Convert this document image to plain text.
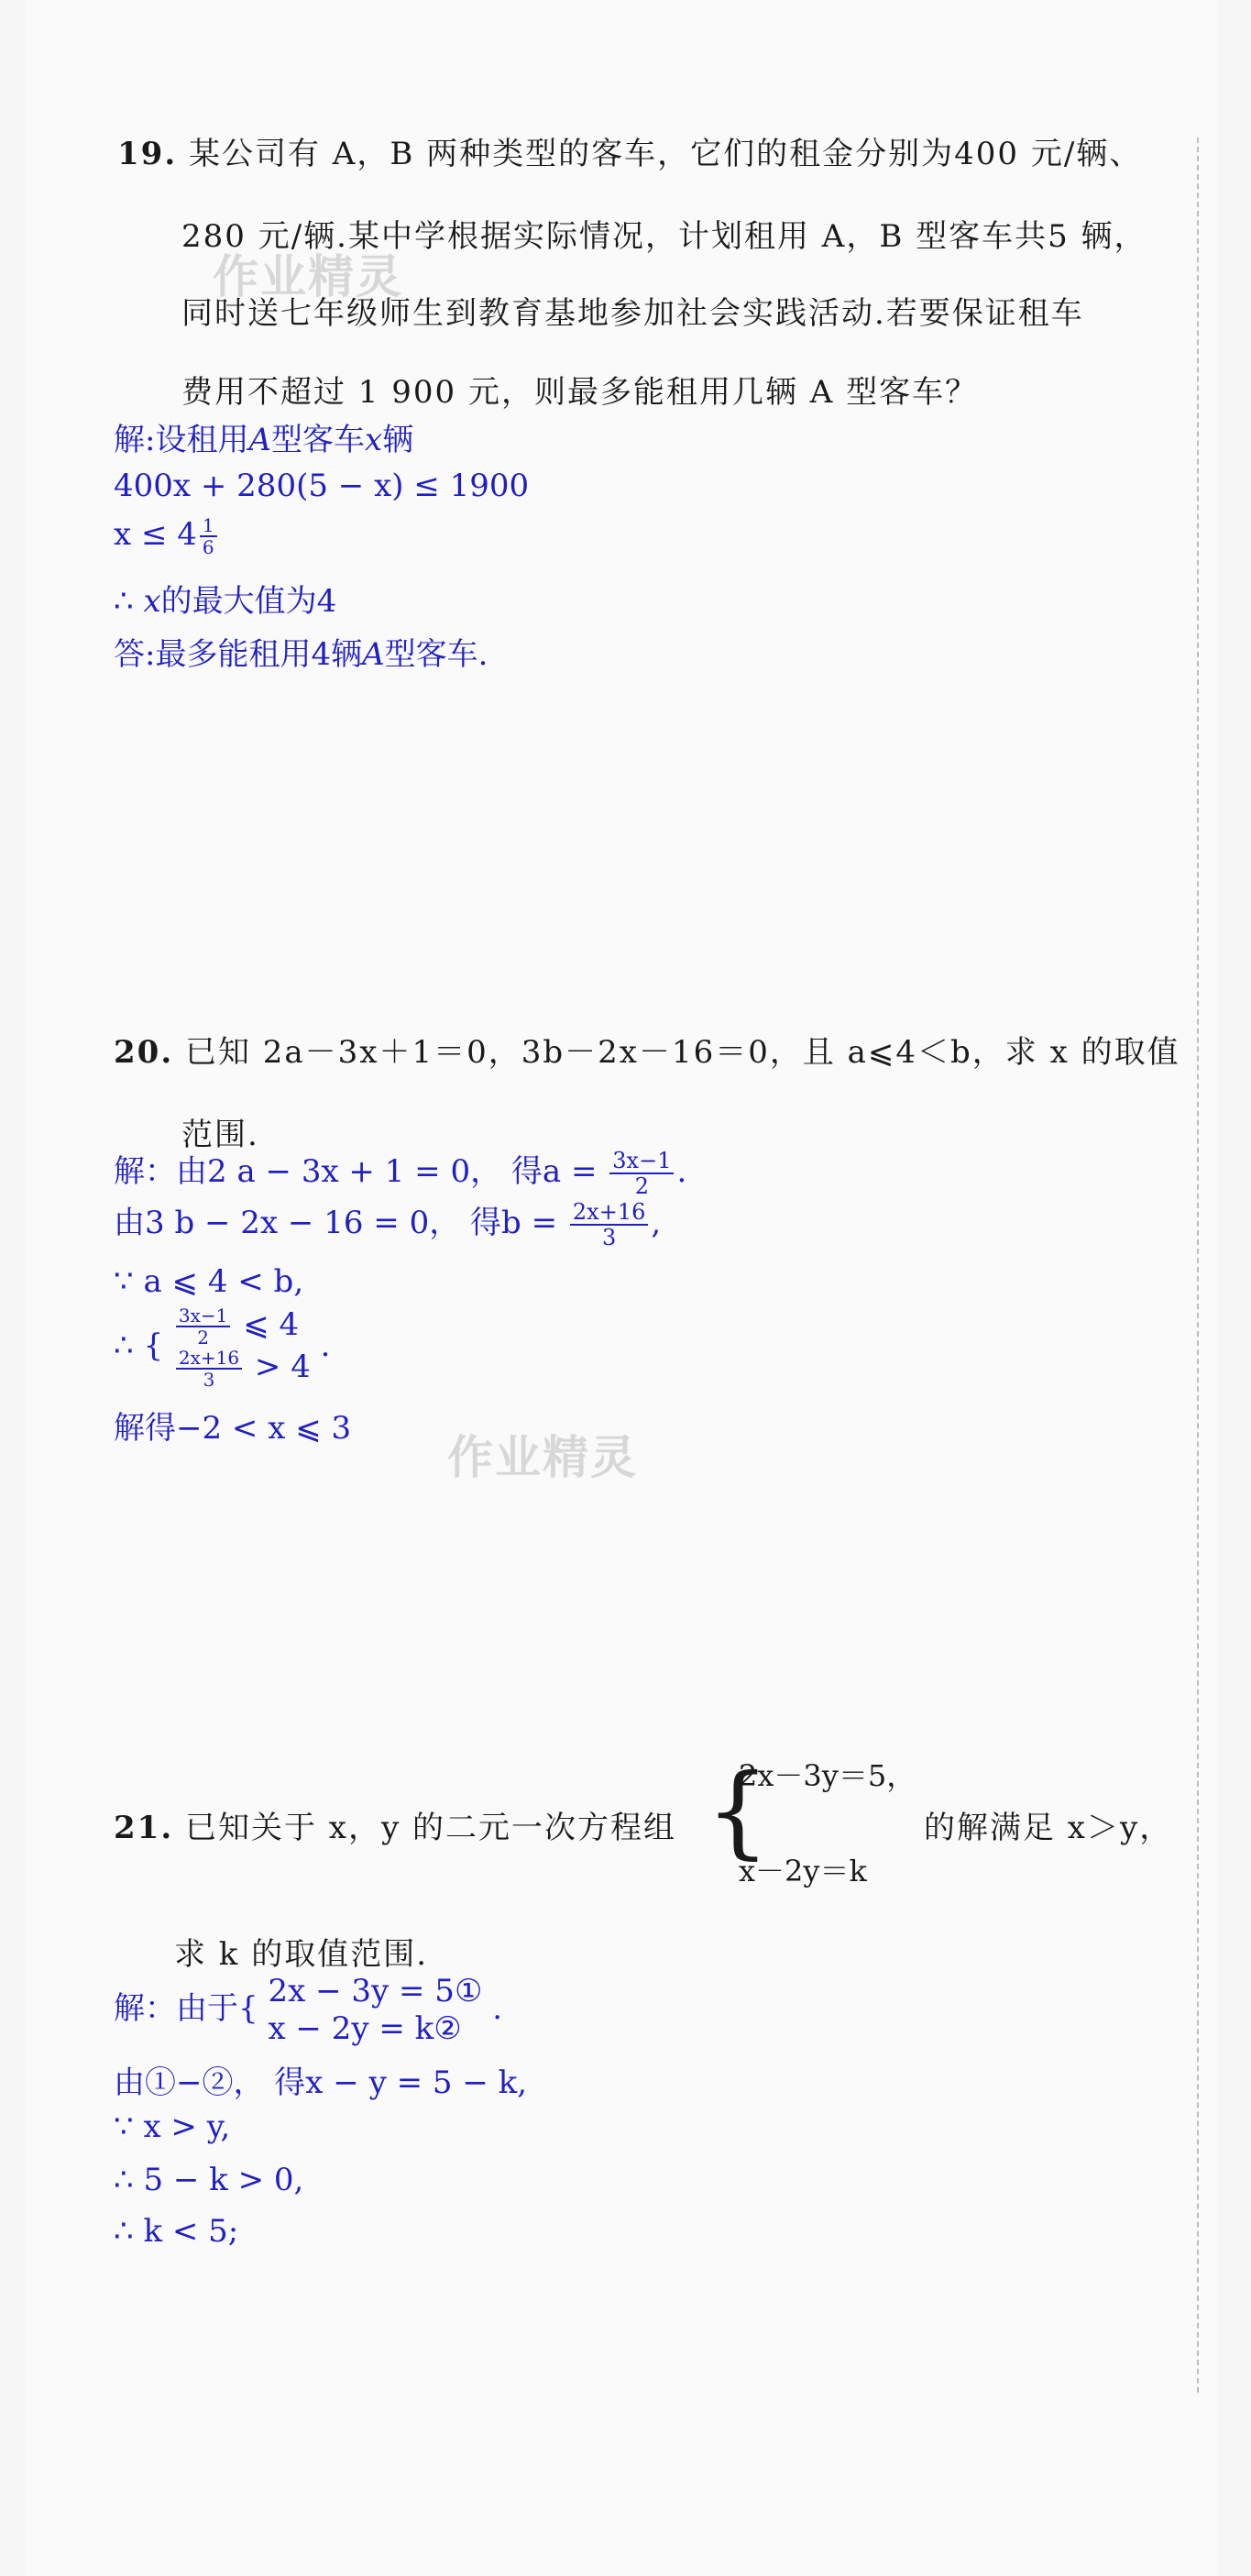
19. 某公司有 A，B 两种类型的客车，它们的租金分别为400 元/辆、
280 元/辆.某中学根据实际情况，计划租用 A，B 型客车共5 辆，
同时送七年级师生到教育基地参加社会实践活动.若要保证租车
费用不超过 1 900 元，则最多能租用几辆 A 型客车？
作业精灵
解:设租用A型客车x辆
400x + 280(5 − x) ≤ 1900
$x \le 4 \frac{1}{6}$
∴ x的最大值为4
答:最多能租用4辆A型客车.
20. 已知 2a－3x＋1＝0，3b－2x－16＝0，且 a⩽4＜b，求 x 的取值
范围.
解：由2 a − 3x + 1 = 0， 得$a = \frac{3x-1}{2}$ .
由3 b − 2x − 16 = 0， 得$b = \frac{2x+16}{3}$ ,
∵ a ⩽ 4 < b,
∴ { $\frac{3x-1}{2}$ ⩽ 4
$\frac{2x+16}{3} > 4$
.
解得−2 < x ⩽ 3
作业精灵
21. 已知关于 x，y 的二元一次方程组 {
2x－3y＝5，
x－2y＝k
的解满足 x＞y，
求 k 的取值范围.
解：由于{ 2x − 3y = 5①
x − 2y = k②
.
由①−②， 得x − y = 5 − k,
∵ x > y,
∴ 5 − k > 0,
∴ k < 5;
